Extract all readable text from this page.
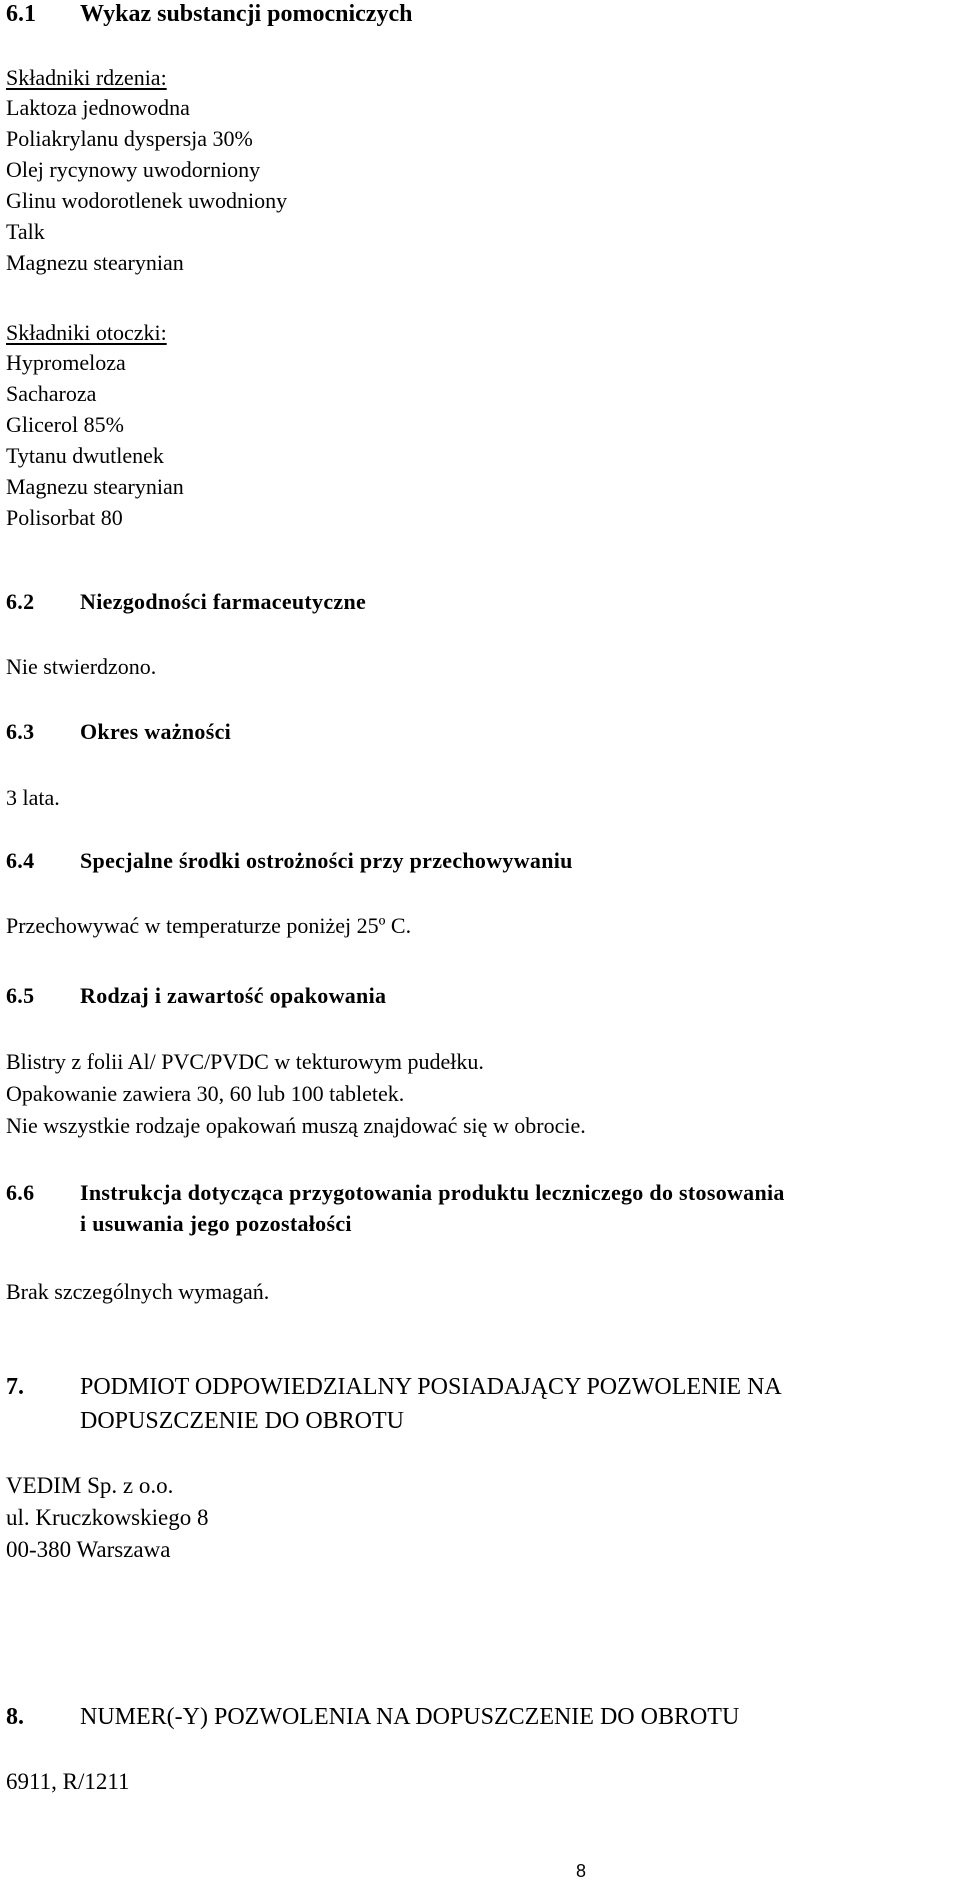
6.1 Wykaz substancji pomocniczych
Składniki rdzenia:
Laktoza jednowodna
Poliakrylanu dyspersja 30%
Olej rycynowy uwodorniony
Glinu wodorotlenek uwodniony
Talk
Magnezu stearynian
Składniki otoczki:
Hypromeloza
Sacharoza
Glicerol 85%
Tytanu dwutlenek
Magnezu stearynian
Polisorbat 80
6.2 Niezgodności farmaceutyczne
Nie stwierdzono.
6.3 Okres ważności
3 lata.
6.4 Specjalne środki ostrożności przy przechowywaniu
Przechowywać w temperaturze poniżej 25º C.
6.5 Rodzaj i zawartość opakowania
Blistry z folii Al/ PVC/PVDC w tekturowym pudełku.
Opakowanie zawiera 30, 60 lub 100 tabletek.
Nie wszystkie rodzaje opakowań muszą znajdować się w obrocie.
6.6 Instrukcja dotycząca przygotowania produktu leczniczego do stosowania
i usuwania jego pozostałości
Brak szczególnych wymagań.
7. PODMIOT ODPOWIEDZIALNY POSIADAJĄCY POZWOLENIE NA
DOPUSZCZENIE DO OBROTU
VEDIM Sp. z o.o.
ul. Kruczkowskiego 8
00-380 Warszawa
8. NUMER(-Y) POZWOLENIA NA DOPUSZCZENIE DO OBROTU
6911, R/1211
8
